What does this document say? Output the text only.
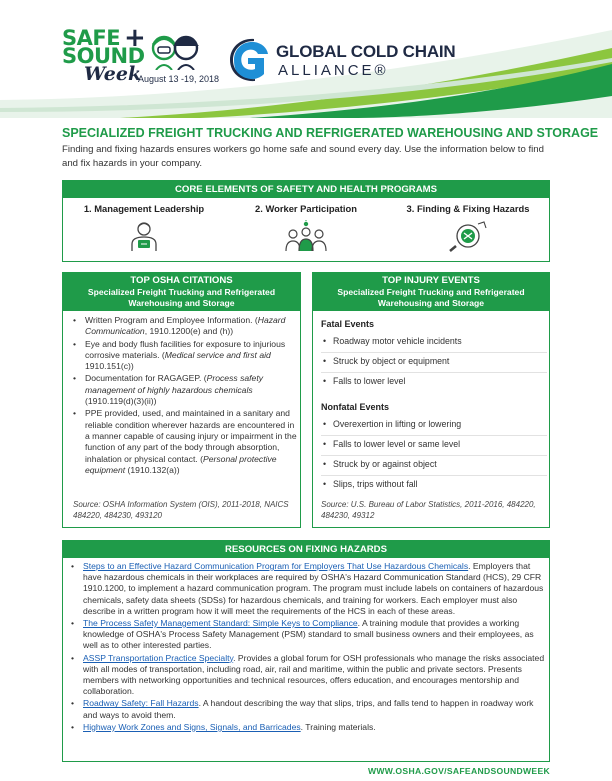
SAFE +
SOUND
Week
August 13 -19, 2018
GLOBAL COLD CHAIN
ALLIANCE®
SPECIALIZED FREIGHT TRUCKING AND REFRIGERATED WAREHOUSING AND STORAGE
Finding and fixing hazards ensures workers go home safe and sound every day. Use the information below to find and fix hazards in your company.
CORE ELEMENTS OF SAFETY AND HEALTH PROGRAMS
1. Management Leadership	2. Worker Participation	3. Finding & Fixing Hazards
TOP OSHA CITATIONS
Specialized Freight Trucking and Refrigerated Warehousing and Storage
• Written Program and Employee Information. (Hazard Communication, 1910.1200(e) and (h))
• Eye and body flush facilities for exposure to injurious corrosive materials. (Medical service and first aid 1910.151(c))
• Documentation for RAGAGEP. (Process safety management of highly hazardous chemicals (1910.119(d)(3)(ii))
• PPE provided, used, and maintained in a sanitary and reliable condition wherever hazards are encountered in a manner capable of causing injury or impairment in the function of any part of the body through absorption, inhalation or physical contact. (Personal protective equipment (1910.132(a))
Source: OSHA Information System (OIS), 2011-2018, NAICS 484220, 484230, 493120
TOP INJURY EVENTS
Specialized Freight Trucking and Refrigerated Warehousing and Storage
Fatal Events
• Roadway motor vehicle incidents
• Struck by object or equipment
• Falls to lower level
Nonfatal Events
• Overexertion in lifting or lowering
• Falls to lower level or same level
• Struck by or against object
• Slips, trips without fall
Source: U.S. Bureau of Labor Statistics, 2011-2016, 484220, 484230, 49312
RESOURCES ON FIXING HAZARDS
• Steps to an Effective Hazard Communication Program for Employers That Use Hazardous Chemicals. Employers that have hazardous chemicals in their workplaces are required by OSHA's Hazard Communication Standard (HCS), 29 CFR 1910.1200, to implement a hazard communication program. The program must include labels on containers of hazardous chemicals, safety data sheets (SDSs) for hazardous chemicals, and training for workers. Each employer must also describe in a written program how it will meet the requirements of the HCS in each of these areas.
• The Process Safety Management Standard: Simple Keys to Compliance. A training module that provides a working knowledge of OSHA's Process Safety Management (PSM) standard to small business owners and their employees, as well as to other interested parties.
• ASSP Transportation Practice Specialty. Provides a global forum for OSH professionals who manage the risks associated with all modes of transportation, including road, air, rail and maritime, within the public and private sectors. Presents members with networking opportunities and technical resources, offers education, and encourages mentorship and collaboration.
• Roadway Safety: Fall Hazards. A handout describing the way that slips, trips, and falls tend to happen in roadway work and ways to avoid them.
• Highway Work Zones and Signs, Signals, and Barricades. Training materials.
WWW.OSHA.GOV/SAFEANDSOUNDWEEK
